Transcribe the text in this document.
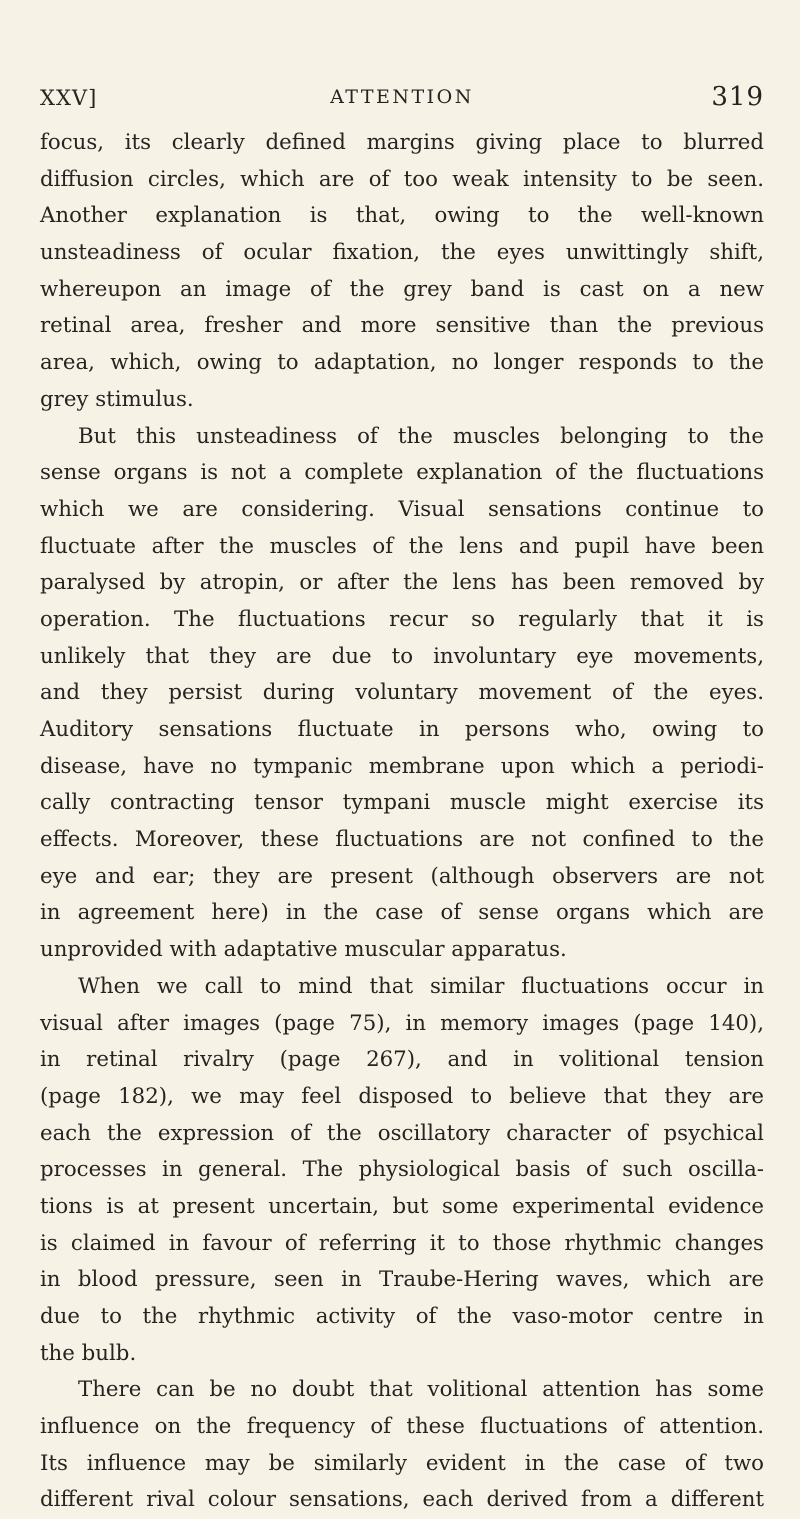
XXV]	ATTENTION	319
focus, its clearly defined margins giving place to blurred
diffusion circles, which are of too weak intensity to be seen.
Another explanation is that, owing to the well-known
unsteadiness of ocular fixation, the eyes unwittingly shift,
whereupon an image of the grey band is cast on a new
retinal area, fresher and more sensitive than the previous
area, which, owing to adaptation, no longer responds to the
grey stimulus.
But this unsteadiness of the muscles belonging to the
sense organs is not a complete explanation of the fluctuations
which we are considering. Visual sensations continue to
fluctuate after the muscles of the lens and pupil have been
paralysed by atropin, or after the lens has been removed by
operation. The fluctuations recur so regularly that it is
unlikely that they are due to involuntary eye movements,
and they persist during voluntary movement of the eyes.
Auditory sensations fluctuate in persons who, owing to
disease, have no tympanic membrane upon which a periodi-
cally contracting tensor tympani muscle might exercise its
effects. Moreover, these fluctuations are not confined to the
eye and ear; they are present (although observers are not
in agreement here) in the case of sense organs which are
unprovided with adaptative muscular apparatus.
When we call to mind that similar fluctuations occur in
visual after images (page 75), in memory images (page 140),
in retinal rivalry (page 267), and in volitional tension
(page 182), we may feel disposed to believe that they are
each the expression of the oscillatory character of psychical
processes in general. The physiological basis of such oscilla-
tions is at present uncertain, but some experimental evidence
is claimed in favour of referring it to those rhythmic changes
in blood pressure, seen in Traube-Hering waves, which are
due to the rhythmic activity of the vaso-motor centre in
the bulb.
There can be no doubt that volitional attention has some
influence on the frequency of these fluctuations of attention.
Its influence may be similarly evident in the case of two
different rival colour sensations, each derived from a different
